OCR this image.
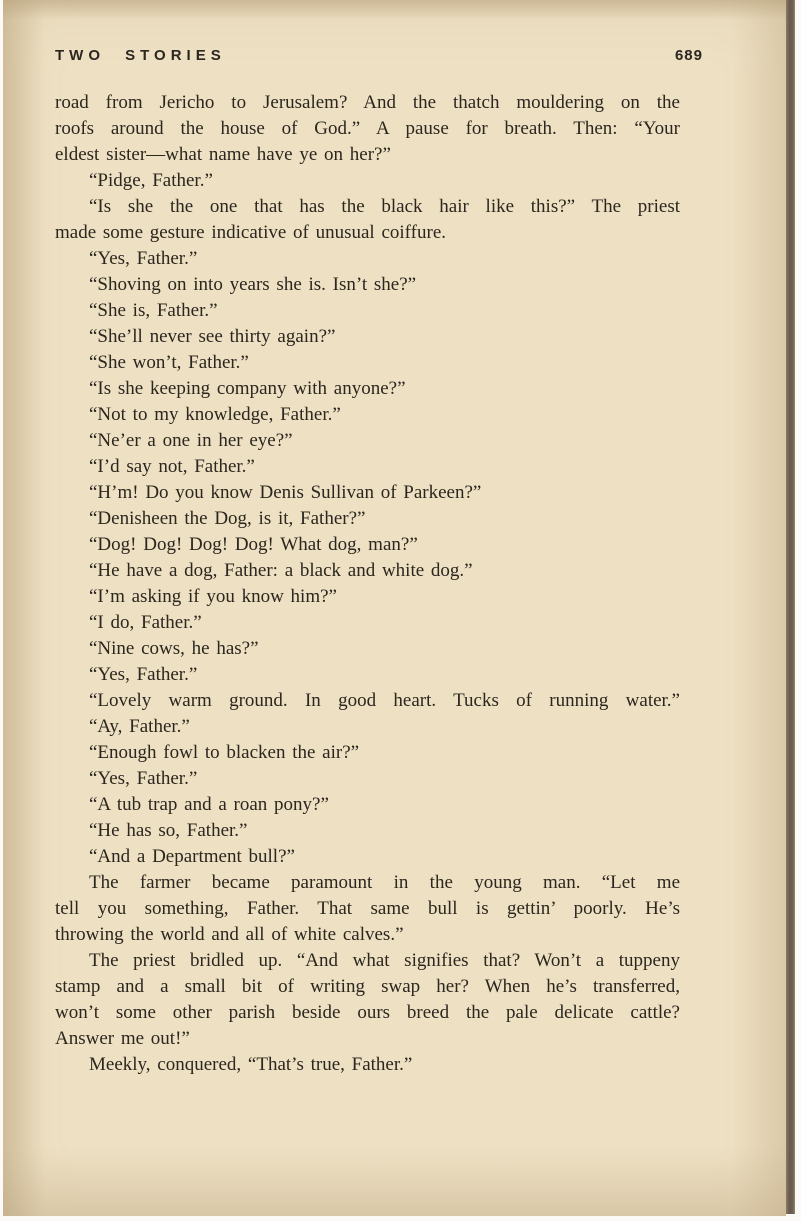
TWO STORIES	689
road from Jericho to Jerusalem? And the thatch mouldering on the
roofs around the house of God.” A pause for breath. Then: “Your
eldest sister—what name have ye on her?”
“Pidge, Father.”
“Is she the one that has the black hair like this?” The priest
made some gesture indicative of unusual coiffure.
“Yes, Father.”
“Shoving on into years she is. Isn’t she?”
“She is, Father.”
“She’ll never see thirty again?”
“She won’t, Father.”
“Is she keeping company with anyone?”
“Not to my knowledge, Father.”
“Ne’er a one in her eye?”
“I’d say not, Father.”
“H’m! Do you know Denis Sullivan of Parkeen?”
“Denisheen the Dog, is it, Father?”
“Dog! Dog! Dog! Dog! What dog, man?”
“He have a dog, Father: a black and white dog.”
“I’m asking if you know him?”
“I do, Father.”
“Nine cows, he has?”
“Yes, Father.”
“Lovely warm ground. In good heart. Tucks of running water.”
“Ay, Father.”
“Enough fowl to blacken the air?”
“Yes, Father.”
“A tub trap and a roan pony?”
“He has so, Father.”
“And a Department bull?”
The farmer became paramount in the young man. “Let me
tell you something, Father. That same bull is gettin’ poorly. He’s
throwing the world and all of white calves.”
The priest bridled up. “And what signifies that? Won’t a tuppeny
stamp and a small bit of writing swap her? When he’s transferred,
won’t some other parish beside ours breed the pale delicate cattle?
Answer me out!”
Meekly, conquered, “That’s true, Father.”
